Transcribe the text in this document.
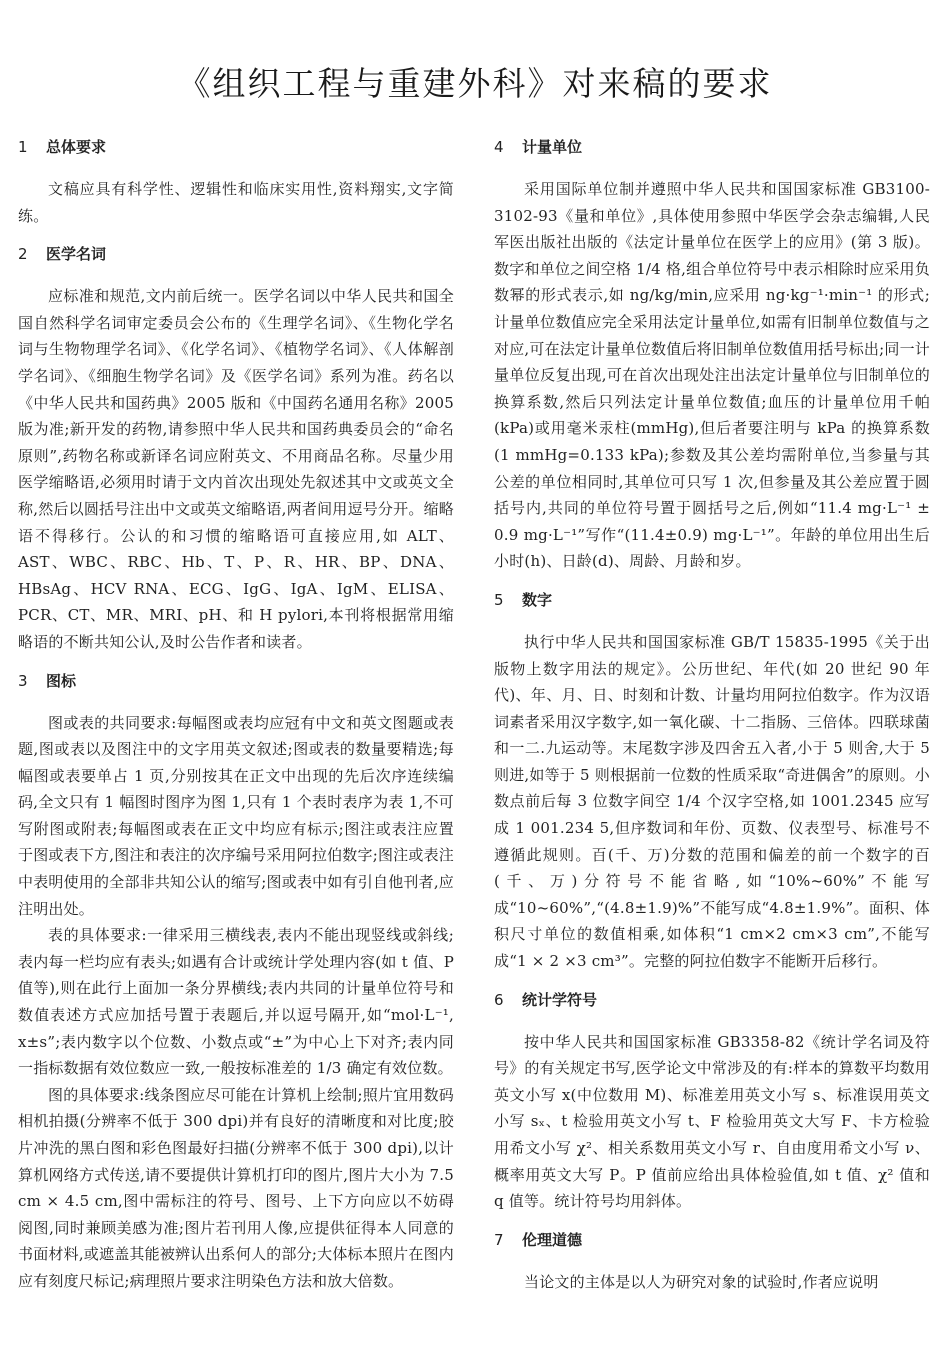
《组织工程与重建外科》对来稿的要求
1 总体要求

文稿应具有科学性、逻辑性和临床实用性,资料翔实,文字简练。

2 医学名词

应标准和规范,文内前后统一。医学名词以中华人民共和国全国自然科学名词审定委员会公布的《生理学名词》、《生物化学名词与生物物理学名词》、《化学名词》、《植物学名词》、《人体解剖学名词》、《细胞生物学名词》及《医学名词》系列为准。药名以《中华人民共和国药典》2005 版和《中国药名通用名称》2005 版为准;新开发的药物,请参照中华人民共和国药典委员会的“命名原则”,药物名称或新译名词应附英文、不用商品名称。尽量少用医学缩略语,必须用时请于文内首次出现处先叙述其中文或英文全称,然后以圆括号注出中文或英文缩略语,两者间用逗号分开。缩略语不得移行。公认的和习惯的缩略语可直接应用,如 ALT、AST、WBC、RBC、Hb、T、P、R、HR、BP、DNA、HBsAg、HCV RNA、ECG、IgG、IgA、IgM、ELISA、PCR、CT、MR、MRI、pH、和 H pylori,本刊将根据常用缩略语的不断共知公认,及时公告作者和读者。

3 图标

图或表的共同要求:每幅图或表均应冠有中文和英文图题或表题,图或表以及图注中的文字用英文叙述;图或表的数量要精选;每幅图或表要单占 1 页,分别按其在正文中出现的先后次序连续编码,全文只有 1 幅图时图序为图 1,只有 1 个表时表序为表 1,不可写附图或附表;每幅图或表在正文中均应有标示;图注或表注应置于图或表下方,图注和表注的次序编号采用阿拉伯数字;图注或表注中表明使用的全部非共知公认的缩写;图或表中如有引自他刊者,应注明出处。

表的具体要求:一律采用三横线表,表内不能出现竖线或斜线;表内每一栏均应有表头;如遇有合计或统计学处理内容(如 t 值、P 值等),则在此行上面加一条分界横线;表内共同的计量单位符号和数值表述方式应加括号置于表题后,并以逗号隔开,如“mol·L⁻¹, x±s”;表内数字以个位数、小数点或“±”为中心上下对齐;表内同一指标数据有效位数应一致,一般按标准差的 1/3 确定有效位数。

图的具体要求:线条图应尽可能在计算机上绘制;照片宜用数码相机拍摄(分辨率不低于 300 dpi)并有良好的清晰度和对比度;胶片冲洗的黑白图和彩色图最好扫描(分辨率不低于 300 dpi),以计算机网络方式传送,请不要提供计算机打印的图片,图片大小为 7.5 cm × 4.5 cm,图中需标注的符号、图号、上下方向应以不妨碍阅图,同时兼顾美感为准;图片若刊用人像,应提供征得本人同意的书面材料,或遮盖其能被辨认出系何人的部分;大体标本照片在图内应有刻度尺标记;病理照片要求注明染色方法和放大倍数。

4 计量单位

采用国际单位制并遵照中华人民共和国国家标准 GB3100-3102-93《量和单位》,具体使用参照中华医学会杂志编辑,人民军医出版社出版的《法定计量单位在医学上的应用》(第 3 版)。数字和单位之间空格 1/4 格,组合单位符号中表示相除时应采用负数幂的形式表示,如 ng/kg/min,应采用 ng·kg⁻¹·min⁻¹ 的形式;计量单位数值应完全采用法定计量单位,如需有旧制单位数值与之对应,可在法定计量单位数值后将旧制单位数值用括号标出;同一计量单位反复出现,可在首次出现处注出法定计量单位与旧制单位的换算系数,然后只列法定计量单位数值;血压的计量单位用千帕(kPa)或用毫米汞柱(mmHg),但后者要注明与 kPa 的换算系数(1 mmHg=0.133 kPa);参数及其公差均需附单位,当参量与其公差的单位相同时,其单位可只写 1 次,但参量及其公差应置于圆括号内,共同的单位符号置于圆括号之后,例如“11.4 mg·L⁻¹ ± 0.9 mg·L⁻¹”写作“(11.4±0.9) mg·L⁻¹”。年龄的单位用出生后小时(h)、日龄(d)、周龄、月龄和岁。

5 数字

执行中华人民共和国国家标准 GB/T 15835-1995《关于出版物上数字用法的规定》。公历世纪、年代(如 20 世纪 90 年代)、年、月、日、时刻和计数、计量均用阿拉伯数字。作为汉语词素者采用汉字数字,如一氧化碳、十二指肠、三倍体。四联球菌和一二.九运动等。末尾数字涉及四舍五入者,小于 5 则舍,大于 5 则进,如等于 5 则根据前一位数的性质采取“奇进偶舍”的原则。小数点前后每 3 位数字间空 1/4 个汉字空格,如 1001.2345 应写成 1 001.234 5,但序数词和年份、页数、仪表型号、标准号不遵循此规则。百(千、万)分数的范围和偏差的前一个数字的百(千、万)分符号不能省略,如“10%~60%”不能写成“10~60%”,“(4.8±1.9)%”不能写成“4.8±1.9%”。面积、体积尺寸单位的数值相乘,如体积“1 cm×2 cm×3 cm”,不能写成“1 × 2 ×3 cm³”。完整的阿拉伯数字不能断开后移行。

6 统计学符号

按中华人民共和国国家标准 GB3358-82《统计学名词及符号》的有关规定书写,医学论文中常涉及的有:样本的算数平均数用英文小写 x(中位数用 M)、标准差用英文小写 s、标准误用英文小写 sₓ、t 检验用英文小写 t、F 检验用英文大写 F、卡方检验用希文小写 χ²、相关系数用英文小写 r、自由度用希文小写 ν、概率用英文大写 P。P 值前应给出具体检验值,如 t 值、χ² 值和 q 值等。统计符号均用斜体。

7 伦理道德

当论文的主体是以人为研究对象的试验时,作者应说明
